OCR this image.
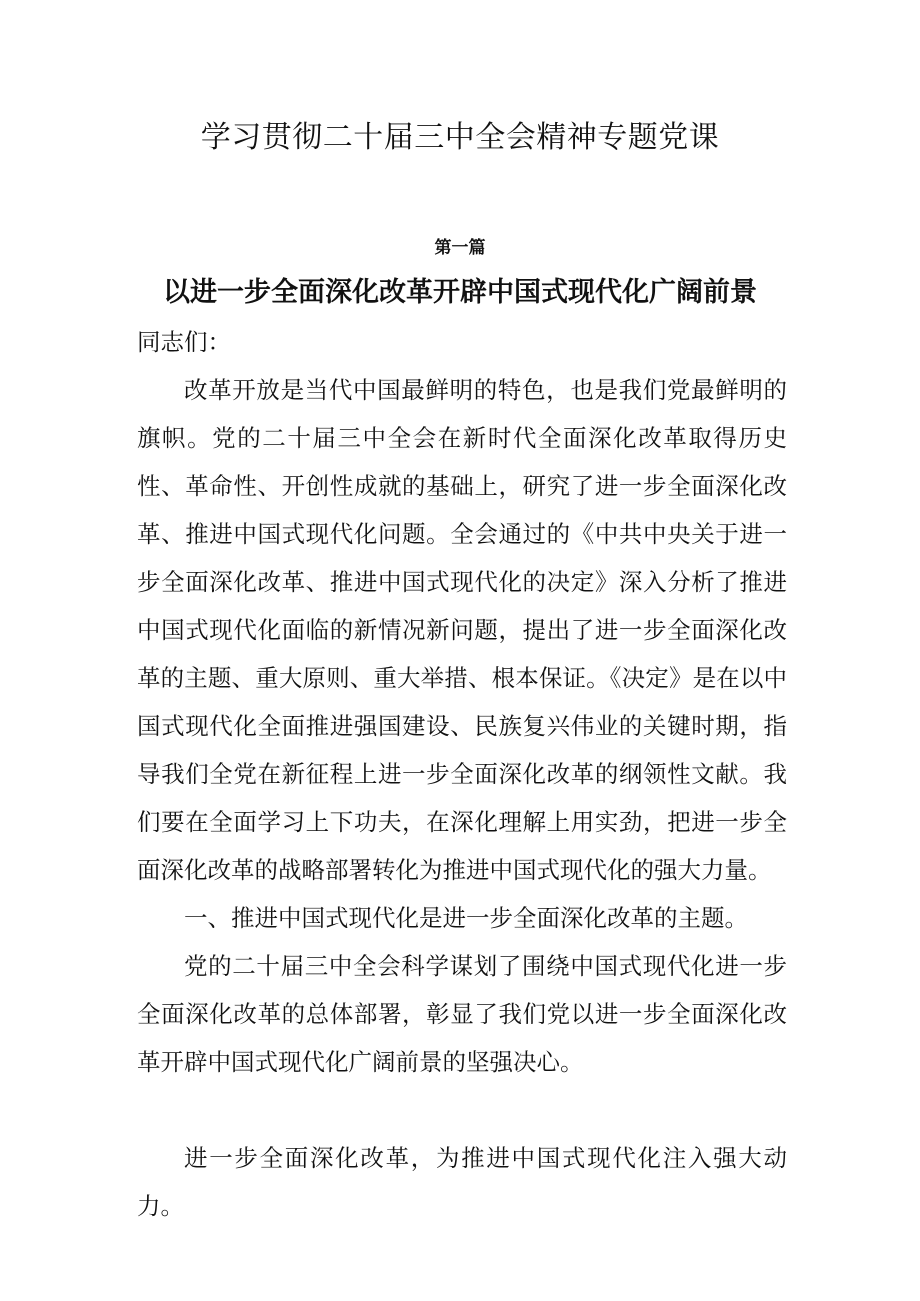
学习贯彻二十届三中全会精神专题党课
第一篇
以进一步全面深化改革开辟中国式现代化广阔前景

同志们：

改革开放是当代中国最鲜明的特色，也是我们党最鲜明的旗帜。党的二十届三中全会在新时代全面深化改革取得历史性、革命性、开创性成就的基础上，研究了进一步全面深化改革、推进中国式现代化问题。全会通过的《中共中央关于进一步全面深化改革、推进中国式现代化的决定》深入分析了推进中国式现代化面临的新情况新问题，提出了进一步全面深化改革的主题、重大原则、重大举措、根本保证。《决定》是在以中国式现代化全面推进强国建设、民族复兴伟业的关键时期，指导我们全党在新征程上进一步全面深化改革的纲领性文献。我们要在全面学习上下功夫，在深化理解上用实劲，把进一步全面深化改革的战略部署转化为推进中国式现代化的强大力量。

一、推进中国式现代化是进一步全面深化改革的主题。

党的二十届三中全会科学谋划了围绕中国式现代化进一步全面深化改革的总体部署，彰显了我们党以进一步全面深化改革开辟中国式现代化广阔前景的坚强决心。

进一步全面深化改革，为推进中国式现代化注入强大动力。
